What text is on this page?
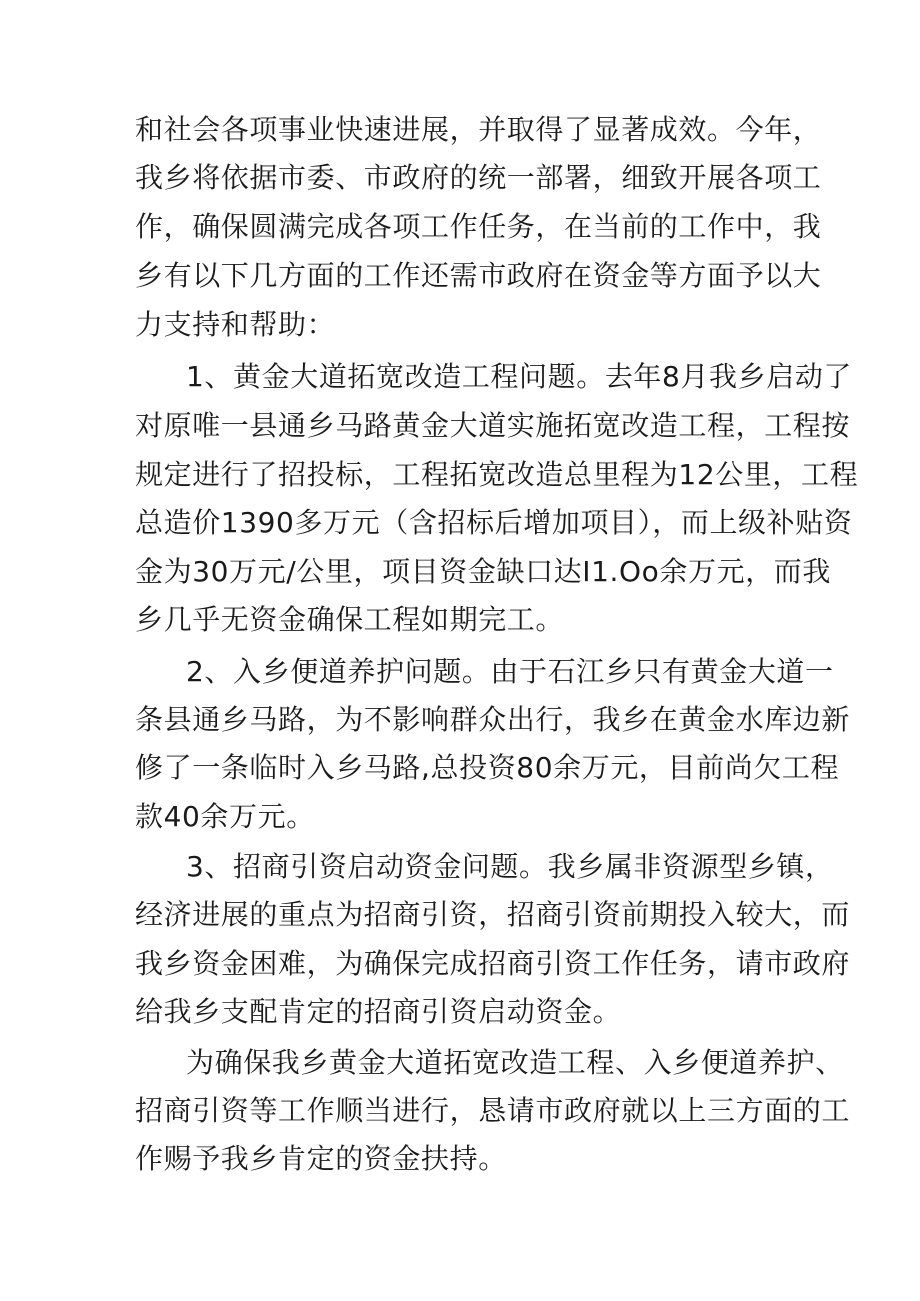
和社会各项事业快速进展，并取得了显著成效。今年，

我乡将依据市委、市政府的统一部署，细致开展各项工

作，确保圆满完成各项工作任务，在当前的工作中，我

乡有以下几方面的工作还需市政府在资金等方面予以大

力支持和帮助：

1、黄金大道拓宽改造工程问题。去年8月我乡启动了

对原唯一县通乡马路黄金大道实施拓宽改造工程，工程按

规定进行了招投标，工程拓宽改造总里程为12公里，工程

总造价1390多万元（含招标后增加项目），而上级补贴资

金为30万元/公里，项目资金缺口达I1.Oo余万元，而我

乡几乎无资金确保工程如期完工。

2、入乡便道养护问题。由于石江乡只有黄金大道一

条县通乡马路，为不影响群众出行，我乡在黄金水库边新

修了一条临时入乡马路,总投资80余万元，目前尚欠工程

款40余万元。

3、招商引资启动资金问题。我乡属非资源型乡镇，

经济进展的重点为招商引资，招商引资前期投入较大，而

我乡资金困难，为确保完成招商引资工作任务，请市政府

给我乡支配肯定的招商引资启动资金。

为确保我乡黄金大道拓宽改造工程、入乡便道养护、

招商引资等工作顺当进行，恳请市政府就以上三方面的工

作赐予我乡肯定的资金扶持。
